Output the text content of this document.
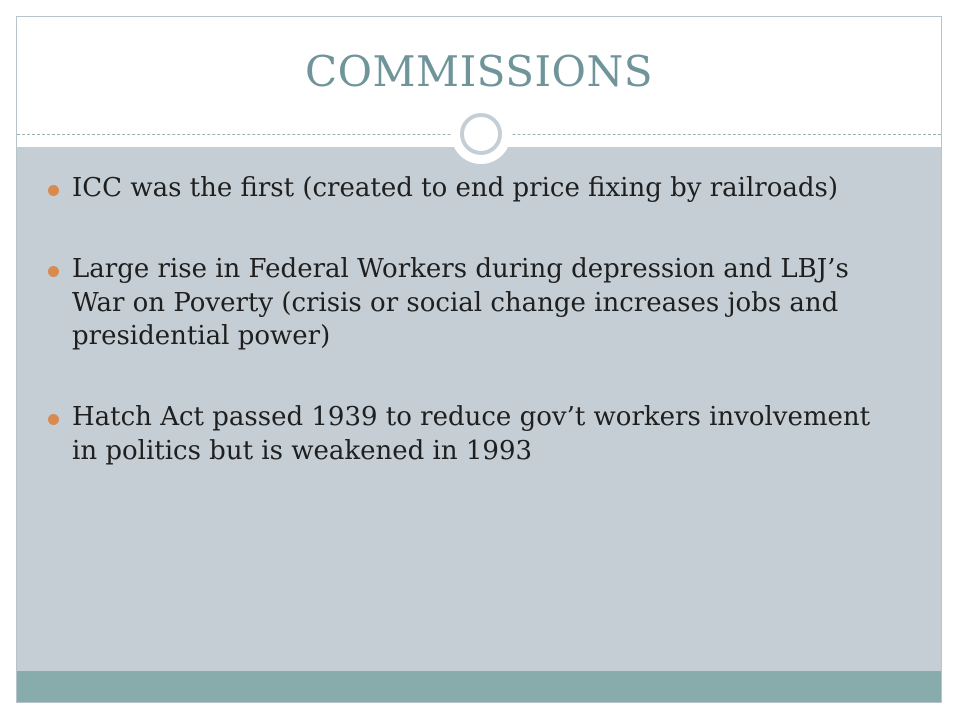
COMMISSIONS
ICC was the first (created to end price fixing by railroads)
Large rise in Federal Workers during depression and LBJ’s War on Poverty (crisis or social change increases jobs and presidential power)
Hatch Act passed 1939 to reduce gov’t workers involvement in politics but is weakened in 1993
